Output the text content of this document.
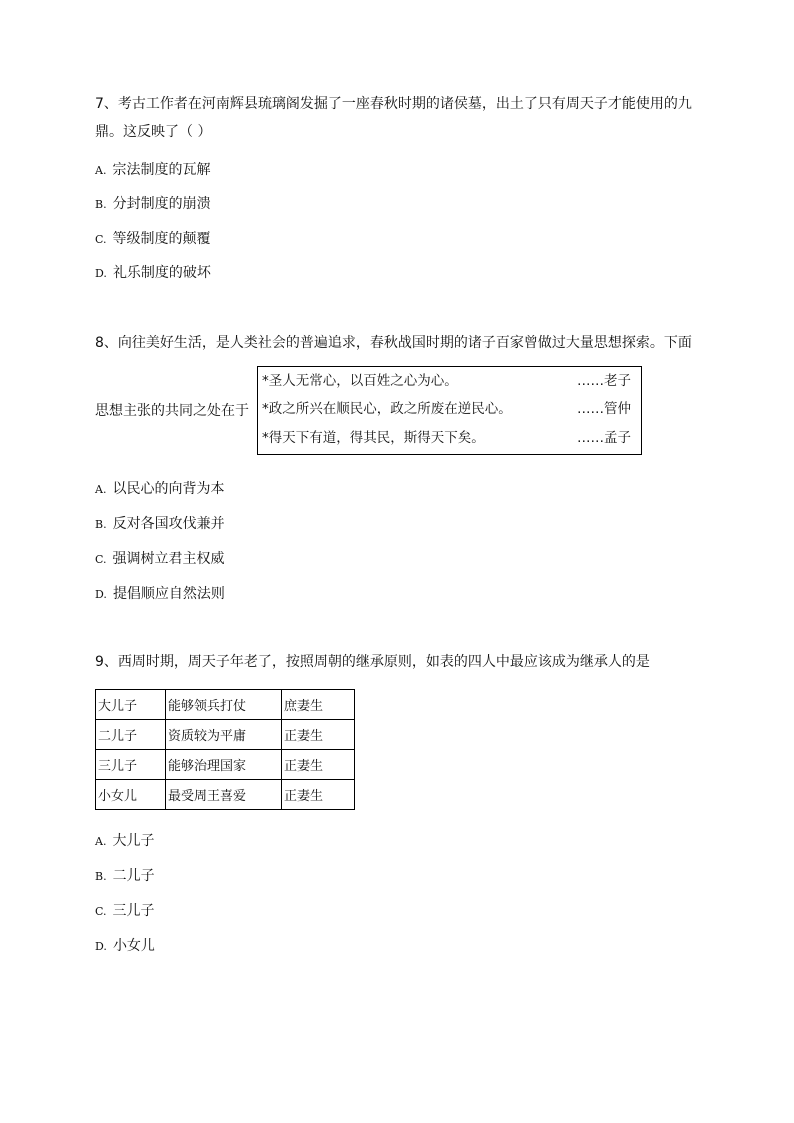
7、考古工作者在河南辉县琉璃阁发掘了一座春秋时期的诸侯墓，出土了只有周天子才能使用的九
鼎。这反映了（ ）
A. 宗法制度的瓦解
B. 分封制度的崩溃
C. 等级制度的颠覆
D. 礼乐制度的破坏
8、向往美好生活，是人类社会的普遍追求，春秋战国时期的诸子百家曾做过大量思想探索。下面
思想主张的共同之处在于
*圣人无常心，以百姓之心为心。	……老子
*政之所兴在顺民心，政之所废在逆民心。	……管仲
*得天下有道，得其民，斯得天下矣。	……孟子
A. 以民心的向背为本
B. 反对各国攻伐兼并
C. 强调树立君主权威
D. 提倡顺应自然法则
9、西周时期，周天子年老了，按照周朝的继承原则，如表的四人中最应该成为继承人的是
大儿子	能够领兵打仗	庶妻生
二儿子	资质较为平庸	正妻生
三儿子	能够治理国家	正妻生
小女儿	最受周王喜爱	正妻生
A. 大儿子
B. 二儿子
C. 三儿子
D. 小女儿
